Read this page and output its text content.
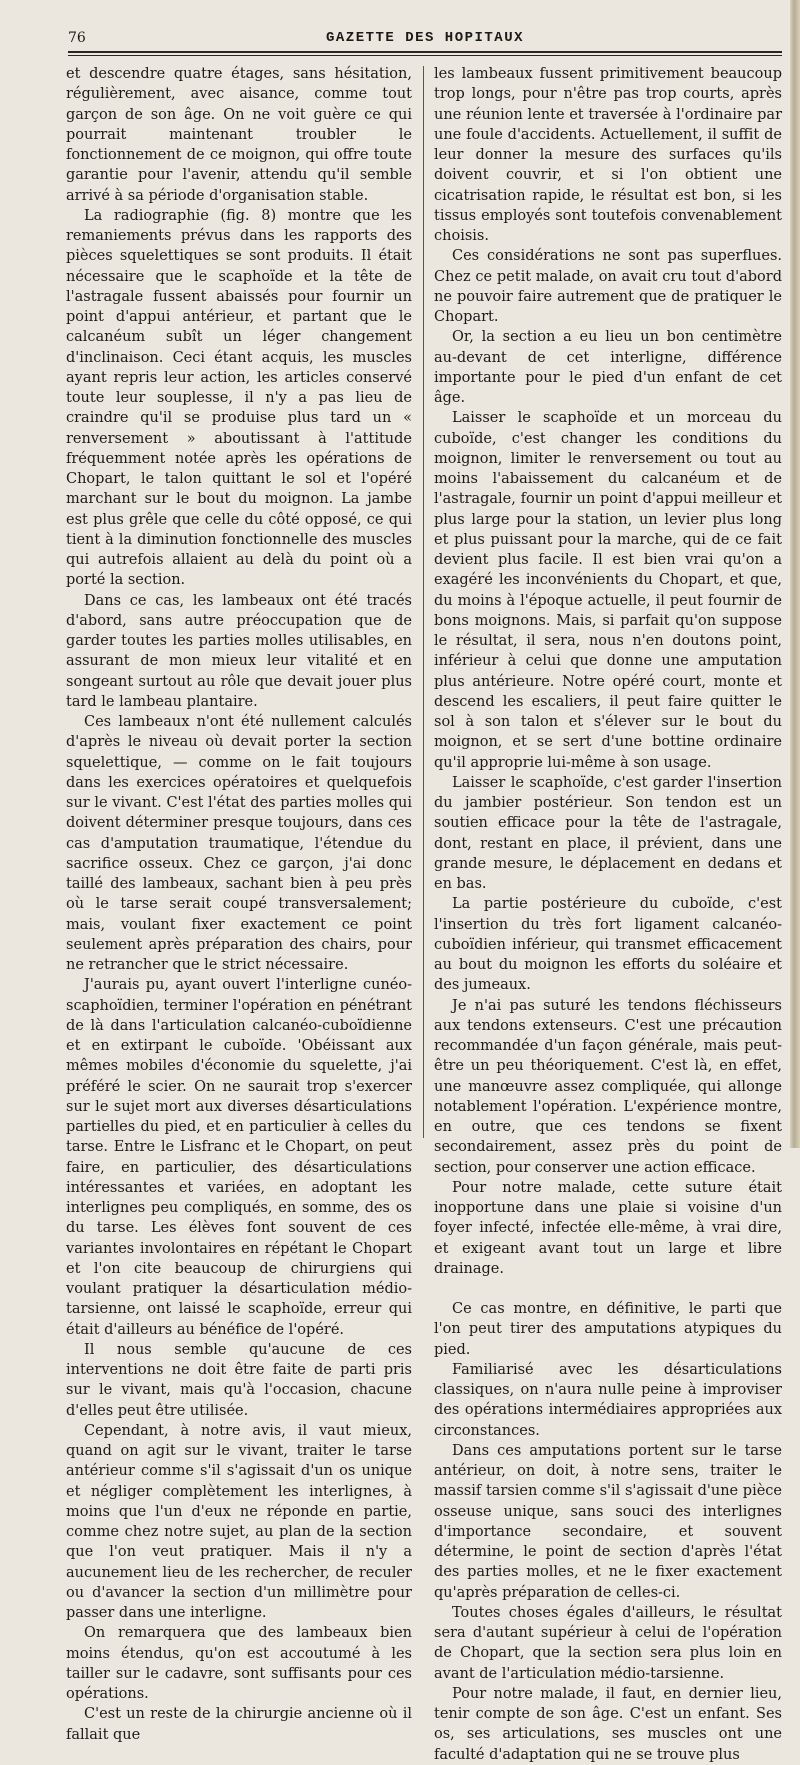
76	GAZETTE DES HOPITAUX

et descendre quatre étages, sans hésitation, régulièrement, avec aisance, comme tout garçon de son âge. On ne voit guère ce qui pourrait maintenant troubler le fonctionnement de ce moignon, qui offre toute garantie pour l'avenir, attendu qu'il semble arrivé à sa période d'organisation stable.

La radiographie (fig. 8) montre que les remaniements prévus dans les rapports des pièces squelettiques se sont produits. Il était nécessaire que le scaphoïde et la tête de l'astragale fussent abaissés pour fournir un point d'appui antérieur, et partant que le calcanéum subît un léger changement d'inclinaison. Ceci étant acquis, les muscles ayant repris leur action, les articles conservé toute leur souplesse, il n'y a pas lieu de craindre qu'il se produise plus tard un « renversement » aboutissant à l'attitude fréquemment notée après les opérations de Chopart, le talon quittant le sol et l'opéré marchant sur le bout du moignon. La jambe est plus grêle que celle du côté opposé, ce qui tient à la diminution fonctionnelle des muscles qui autrefois allaient au delà du point où a porté la section.

Dans ce cas, les lambeaux ont été tracés d'abord, sans autre préoccupation que de garder toutes les parties molles utilisables, en assurant de mon mieux leur vitalité et en songeant surtout au rôle que devait jouer plus tard le lambeau plantaire.

Ces lambeaux n'ont été nullement calculés d'après le niveau où devait porter la section squelettique, — comme on le fait toujours dans les exercices opératoires et quelquefois sur le vivant. C'est l'état des parties molles qui doivent déterminer presque toujours, dans ces cas d'amputation traumatique, l'étendue du sacrifice osseux. Chez ce garçon, j'ai donc taillé des lambeaux, sachant bien à peu près où le tarse serait coupé transversalement; mais, voulant fixer exactement ce point seulement après préparation des chairs, pour ne retrancher que le strict nécessaire.

J'aurais pu, ayant ouvert l'interligne cunéo-scaphoïdien, terminer l'opération en pénétrant de là dans l'articulation calcanéo-cuboïdienne et en extirpant le cuboïde. 'Obéissant aux mêmes mobiles d'économie du squelette, j'ai préféré le scier. On ne saurait trop s'exercer sur le sujet mort aux diverses désarticulations partielles du pied, et en particulier à celles du tarse. Entre le Lisfranc et le Chopart, on peut faire, en particulier, des désarticulations intéressantes et variées, en adoptant les interlignes peu compliqués, en somme, des os du tarse. Les élèves font souvent de ces variantes involontaires en répétant le Chopart et l'on cite beaucoup de chirurgiens qui voulant pratiquer la désarticulation médio-tarsienne, ont laissé le scaphoïde, erreur qui était d'ailleurs au bénéfice de l'opéré.

Il nous semble qu'aucune de ces interventions ne doit être faite de parti pris sur le vivant, mais qu'à l'occasion, chacune d'elles peut être utilisée.

Cependant, à notre avis, il vaut mieux, quand on agit sur le vivant, traiter le tarse antérieur comme s'il s'agissait d'un os unique et négliger complètement les interlignes, à moins que l'un d'eux ne réponde en partie, comme chez notre sujet, au plan de la section que l'on veut pratiquer. Mais il n'y a aucunement lieu de les rechercher, de reculer ou d'avancer la section d'un millimètre pour passer dans une interligne.

On remarquera que des lambeaux bien moins étendus, qu'on est accoutumé à les tailler sur le cadavre, sont suffisants pour ces opérations.

C'est un reste de la chirurgie ancienne où il fallait que

les lambeaux fussent primitivement beaucoup trop longs, pour n'être pas trop courts, après une réunion lente et traversée à l'ordinaire par une foule d'accidents. Actuellement, il suffit de leur donner la mesure des surfaces qu'ils doivent couvrir, et si l'on obtient une cicatrisation rapide, le résultat est bon, si les tissus employés sont toutefois convenablement choisis.

Ces considérations ne sont pas superflues. Chez ce petit malade, on avait cru tout d'abord ne pouvoir faire autrement que de pratiquer le Chopart.

Or, la section a eu lieu un bon centimètre au-devant de cet interligne, différence importante pour le pied d'un enfant de cet âge.

Laisser le scaphoïde et un morceau du cuboïde, c'est changer les conditions du moignon, limiter le renversement ou tout au moins l'abaissement du calcanéum et de l'astragale, fournir un point d'appui meilleur et plus large pour la station, un levier plus long et plus puissant pour la marche, qui de ce fait devient plus facile. Il est bien vrai qu'on a exagéré les inconvénients du Chopart, et que, du moins à l'époque actuelle, il peut fournir de bons moignons. Mais, si parfait qu'on suppose le résultat, il sera, nous n'en doutons point, inférieur à celui que donne une amputation plus antérieure. Notre opéré court, monte et descend les escaliers, il peut faire quitter le sol à son talon et s'élever sur le bout du moignon, et se sert d'une bottine ordinaire qu'il approprie lui-même à son usage.

Laisser le scaphoïde, c'est garder l'insertion du jambier postérieur. Son tendon est un soutien efficace pour la tête de l'astragale, dont, restant en place, il prévient, dans une grande mesure, le déplacement en dedans et en bas.

La partie postérieure du cuboïde, c'est l'insertion du très fort ligament calcanéo-cuboïdien inférieur, qui transmet efficacement au bout du moignon les efforts du soléaire et des jumeaux.

Je n'ai pas suturé les tendons fléchisseurs aux tendons extenseurs. C'est une précaution recommandée d'un façon générale, mais peut-être un peu théoriquement. C'est là, en effet, une manœuvre assez compliquée, qui allonge notablement l'opération. L'expérience montre, en outre, que ces tendons se fixent secondairement, assez près du point de section, pour conserver une action efficace.

Pour notre malade, cette suture était inopportune dans une plaie si voisine d'un foyer infecté, infectée elle-même, à vrai dire, et exigeant avant tout un large et libre drainage.

Ce cas montre, en définitive, le parti que l'on peut tirer des amputations atypiques du pied.

Familiarisé avec les désarticulations classiques, on n'aura nulle peine à improviser des opérations intermédiaires appropriées aux circonstances.

Dans ces amputations portent sur le tarse antérieur, on doit, à notre sens, traiter le massif tarsien comme s'il s'agissait d'une pièce osseuse unique, sans souci des interlignes d'importance secondaire, et souvent détermine, le point de section d'après l'état des parties molles, et ne le fixer exactement qu'après préparation de celles-ci.

Toutes choses égales d'ailleurs, le résultat sera d'autant supérieur à celui de l'opération de Chopart, que la section sera plus loin en avant de l'articulation médio-tarsienne.

Pour notre malade, il faut, en dernier lieu, tenir compte de son âge. C'est un enfant. Ses os, ses articulations, ses muscles ont une faculté d'adaptation qui ne se trouve plus
